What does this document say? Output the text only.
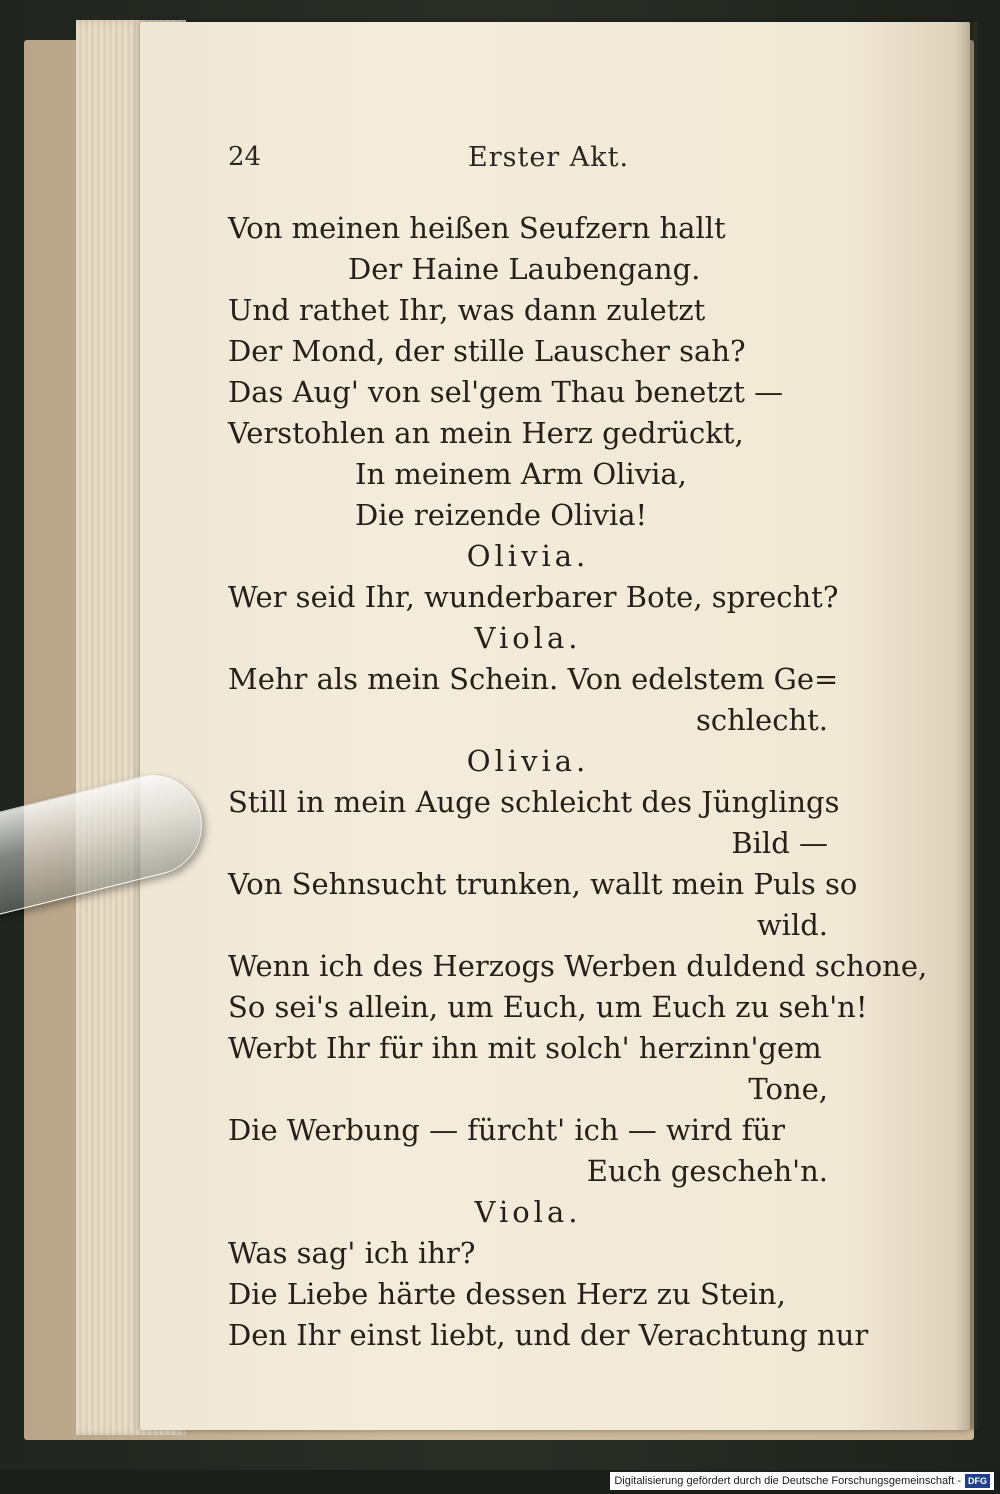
24	Erster Akt.
Von meinen heißen Seufzern hallt
Der Haine Laubengang.
Und rathet Ihr, was dann zuletzt
Der Mond, der stille Lauscher sah?
Das Aug' von sel'gem Thau benetzt —
Verstohlen an mein Herz gedrückt,
In meinem Arm Olivia,
Die reizende Olivia!
Olivia.
Wer seid Ihr, wunderbarer Bote, sprecht?
Viola.
Mehr als mein Schein. Von edelstem Ge=
schlecht.
Olivia.
Still in mein Auge schleicht des Jünglings
Bild —
Von Sehnsucht trunken, wallt mein Puls so
wild.
Wenn ich des Herzogs Werben duldend schone,
So sei's allein, um Euch, um Euch zu seh'n!
Werbt Ihr für ihn mit solch' herzinn'gem
Tone,
Die Werbung — fürcht' ich — wird für
Euch gescheh'n.
Viola.
Was sag' ich ihr?
Die Liebe härte dessen Herz zu Stein,
Den Ihr einst liebt, und der Verachtung nur
Digitalisierung gefördert durch die Deutsche Forschungsgemeinschaft - DFG
